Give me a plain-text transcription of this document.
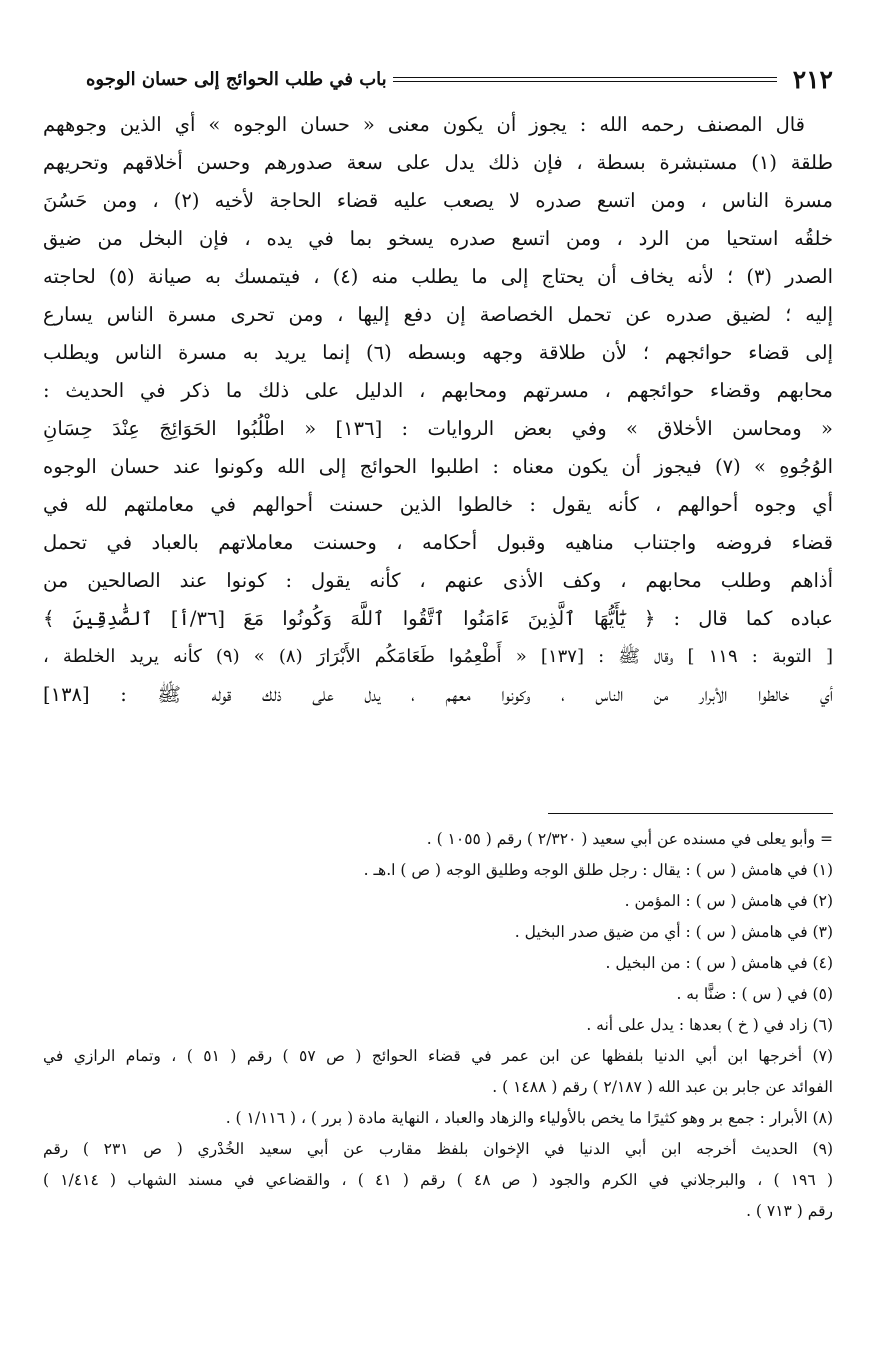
٢١٢
باب في طلب الحوائج إلى حسان الوجوه
قال المصنف رحمه الله : يجوز أن يكون معنى « حسان الوجوه » أي الذين وجوههم
طلقة (١) مستبشرة بسطة ، فإن ذلك يدل على سعة صدورهم وحسن أخلاقهم وتحريهم
مسرة الناس ، ومن اتسع صدره لا يصعب عليه قضاء الحاجة لأخيه (٢) ، ومن حَسُنَ
خلقُه استحيا من الرد ، ومن اتسع صدره يسخو بما في يده ، فإن البخل من ضيق
الصدر (٣) ؛ لأنه يخاف أن يحتاج إلى ما يطلب منه (٤) ، فيتمسك به صيانة (٥) لحاجته
إليه ؛ لضيق صدره عن تحمل الخصاصة إن دفع إليها ، ومن تحرى مسرة الناس يسارع
إلى قضاء حوائجهم ؛ لأن طلاقة وجهه وبسطه (٦) إنما يريد به مسرة الناس ويطلب
محابهم وقضاء حوائجهم ، مسرتهم ومحابهم ، الدليل على ذلك ما ذكر في الحديث :
« ومحاسن الأخلاق » وفي بعض الروايات : [١٣٦] « اطْلُبُوا الحَوَائِجَ عِنْدَ حِسَانِ
الوُجُوهِ » (٧) فيجوز أن يكون معناه : اطلبوا الحوائج إلى الله وكونوا عند حسان الوجوه
أي وجوه أحوالهم ، كأنه يقول : خالطوا الذين حسنت أحوالهم في معاملتهم لله في
قضاء فروضه واجتناب مناهيه وقبول أحكامه ، وحسنت معاملاتهم بالعباد في تحمل
أذاهم وطلب محابهم ، وكف الأذى عنهم ، كأنه يقول : كونوا عند الصالحين من
عباده كما قال : ﴿ يَٰٓأَيُّهَا ٱلَّذِينَ ءَامَنُوا ٱتَّقُوا ٱللَّهَ وَكُونُوا مَعَ [٣٦/أ] ٱلصَّٰدِقِينَ ﴾
[ التوبة : ١١٩ ] وقال ﷺ : [١٣٧] « أَطْعِمُوا طَعَامَكُم الأَبْرَارَ (٨) » (٩) كأنه يريد الخلطة ،
أي خالطوا الأبرار من الناس ، وكونوا معهم ، يدل على ذلك قوله ﷺ : [١٣٨]
= وأبو يعلى في مسنده عن أبي سعيد ( ٢/٣٢٠ ) رقم ( ١٠٥٥ ) .
(١) في هامش ( س ) : يقال : رجل طلق الوجه وطليق الوجه ( ص ) ا.هـ .
(٢) في هامش ( س ) : المؤمن .
(٣) في هامش ( س ) : أي من ضيق صدر البخيل .
(٤) في هامش ( س ) : من البخيل .
(٥) في ( س ) : ضنًّا به .
(٦) زاد في ( خ ) بعدها : يدل على أنه .
(٧) أخرجها ابن أبي الدنيا بلفظها عن ابن عمر في قضاء الحوائج ( ص ٥٧ ) رقم ( ٥١ ) ، وتمام الرازي في
الفوائد عن جابر بن عبد الله ( ٢/١٨٧ ) رقم ( ١٤٨٨ ) .
(٨) الأبرار : جمع بر وهو كثيرًا ما يخص بالأولياء والزهاد والعباد ، النهاية مادة ( برر ) ، ( ١/١١٦ ) .
(٩) الحديث أخرجه ابن أبي الدنيا في الإخوان بلفظ مقارب عن أبي سعيد الخُدْري ( ص ٢٣١ ) رقم
( ١٩٦ ) ، والبرجلاني في الكرم والجود ( ص ٤٨ ) رقم ( ٤١ ) ، والقضاعي في مسند الشهاب ( ١/٤١٤ )
رقم ( ٧١٣ ) .
